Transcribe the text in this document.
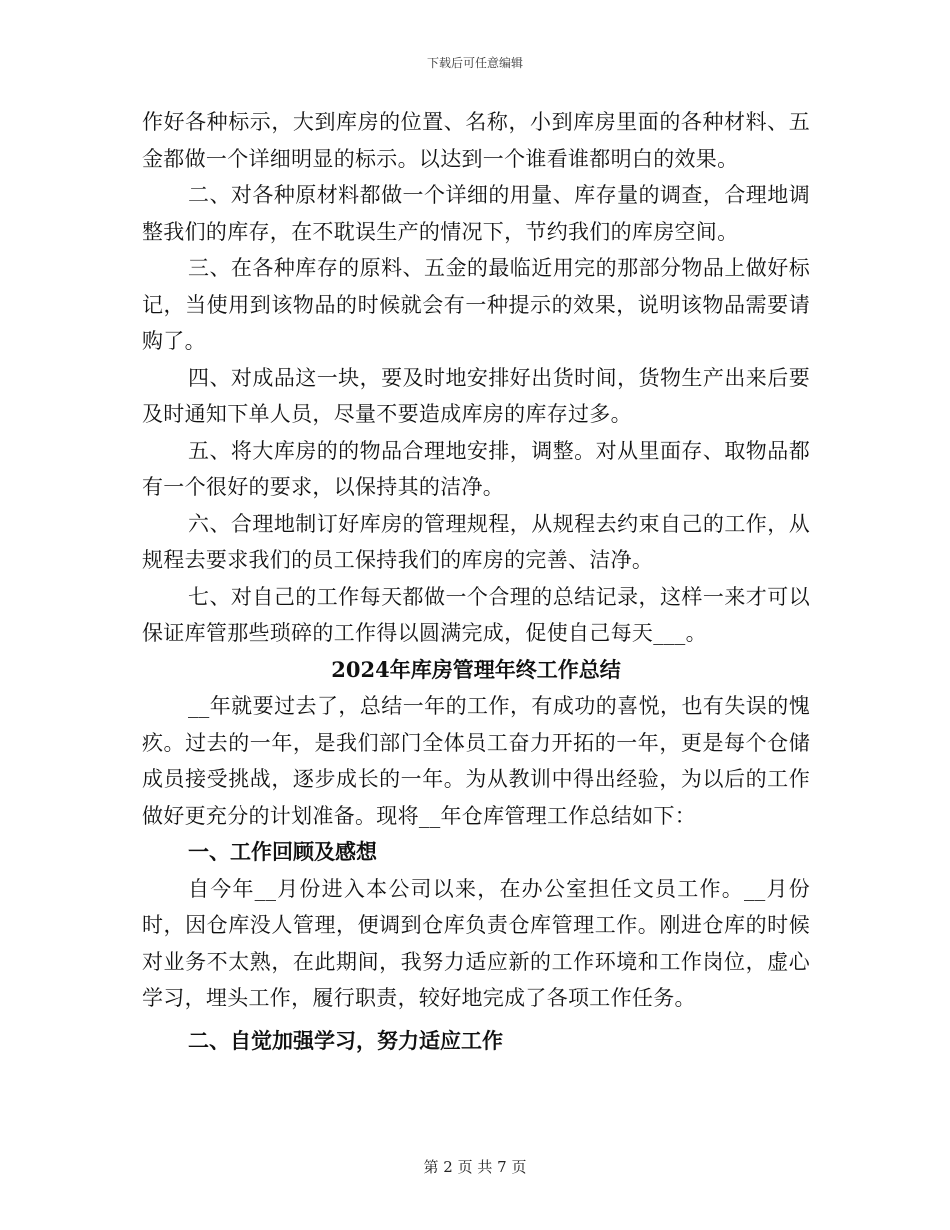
下载后可任意编辑

作好各种标示，大到库房的位置、名称，小到库房里面的各种材料、五金都做一个详细明显的标示。以达到一个谁看谁都明白的效果。

二、对各种原材料都做一个详细的用量、库存量的调查，合理地调整我们的库存，在不耽误生产的情况下，节约我们的库房空间。

三、在各种库存的原料、五金的最临近用完的那部分物品上做好标记，当使用到该物品的时候就会有一种提示的效果，说明该物品需要请购了。

四、对成品这一块，要及时地安排好出货时间，货物生产出来后要及时通知下单人员，尽量不要造成库房的库存过多。

五、将大库房的的物品合理地安排，调整。对从里面存、取物品都有一个很好的要求，以保持其的洁净。

六、合理地制订好库房的管理规程，从规程去约束自己的工作，从规程去要求我们的员工保持我们的库房的完善、洁净。

七、对自己的工作每天都做一个合理的总结记录，这样一来才可以保证库管那些琐碎的工作得以圆满完成，促使自己每天___。

2024年库房管理年终工作总结

__年就要过去了，总结一年的工作，有成功的喜悦，也有失误的愧疚。过去的一年，是我们部门全体员工奋力开拓的一年，更是每个仓储成员接受挑战，逐步成长的一年。为从教训中得出经验，为以后的工作做好更充分的计划准备。现将__年仓库管理工作总结如下：

一、工作回顾及感想

自今年__月份进入本公司以来，在办公室担任文员工作。__月份时，因仓库没人管理，便调到仓库负责仓库管理工作。刚进仓库的时候对业务不太熟，在此期间，我努力适应新的工作环境和工作岗位，虚心学习，埋头工作，履行职责，较好地完成了各项工作任务。

二、自觉加强学习，努力适应工作
第 2 页 共 7 页
